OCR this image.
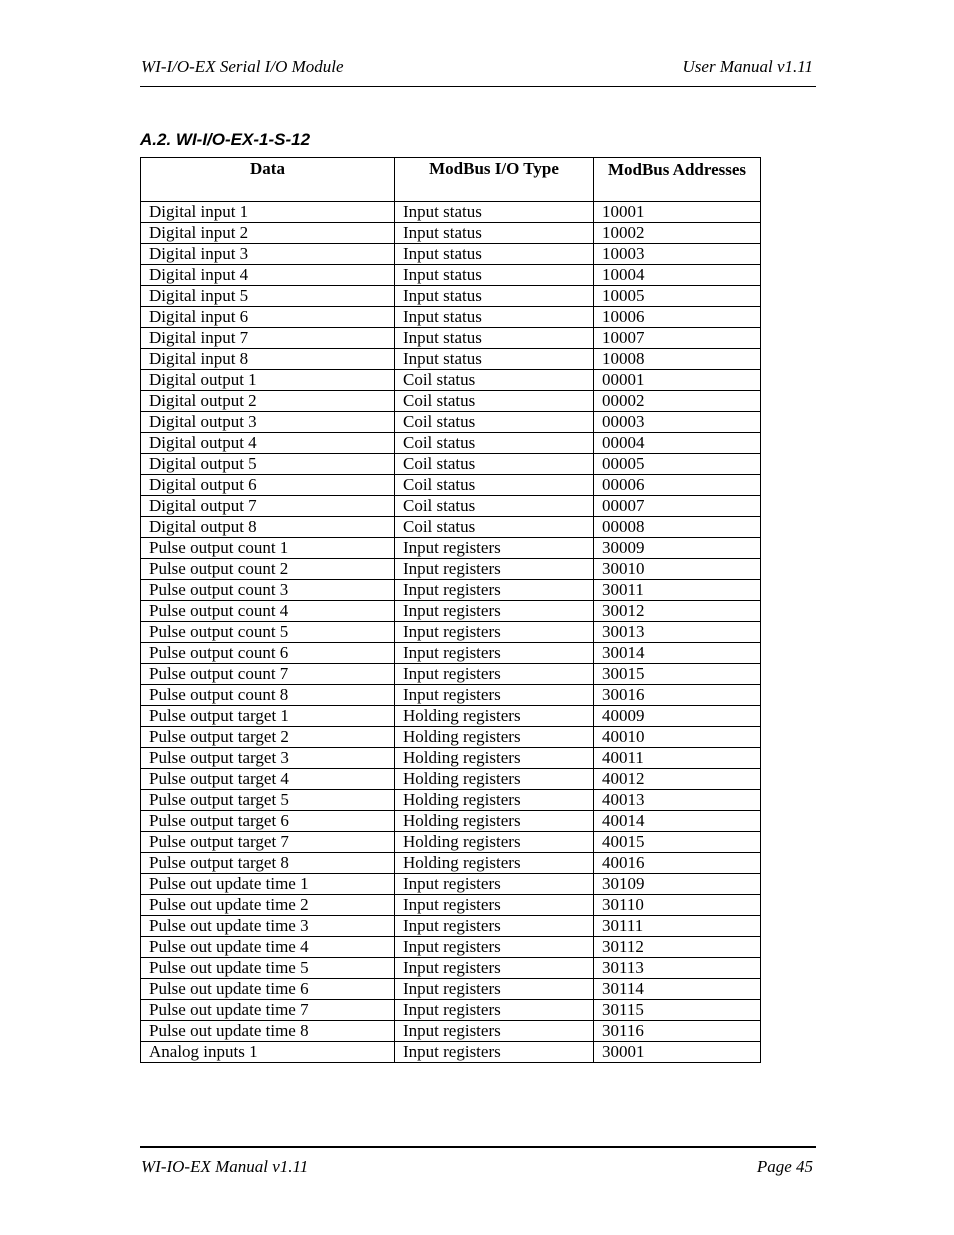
WI-I/O-EX Serial I/O Module	User Manual v1.11
A.2. WI-I/O-EX-1-S-12
Data	ModBus I/O Type	ModBus Addresses
Digital input 1	Input status	10001
Digital input 2	Input status	10002
Digital input 3	Input status	10003
Digital input 4	Input status	10004
Digital input 5	Input status	10005
Digital input 6	Input status	10006
Digital input 7	Input status	10007
Digital input 8	Input status	10008
Digital output 1	Coil status	00001
Digital output 2	Coil status	00002
Digital output 3	Coil status	00003
Digital output 4	Coil status	00004
Digital output 5	Coil status	00005
Digital output 6	Coil status	00006
Digital output 7	Coil status	00007
Digital output 8	Coil status	00008
Pulse output count 1	Input registers	30009
Pulse output count 2	Input registers	30010
Pulse output count 3	Input registers	30011
Pulse output count 4	Input registers	30012
Pulse output count 5	Input registers	30013
Pulse output count 6	Input registers	30014
Pulse output count 7	Input registers	30015
Pulse output count 8	Input registers	30016
Pulse output target 1	Holding registers	40009
Pulse output target 2	Holding registers	40010
Pulse output target 3	Holding registers	40011
Pulse output target 4	Holding registers	40012
Pulse output target 5	Holding registers	40013
Pulse output target 6	Holding registers	40014
Pulse output target 7	Holding registers	40015
Pulse output target 8	Holding registers	40016
Pulse out update time 1	Input registers	30109
Pulse out update time 2	Input registers	30110
Pulse out update time 3	Input registers	30111
Pulse out update time 4	Input registers	30112
Pulse out update time 5	Input registers	30113
Pulse out update time 6	Input registers	30114
Pulse out update time 7	Input registers	30115
Pulse out update time 8	Input registers	30116
Analog inputs 1	Input registers	30001
WI-IO-EX Manual v1.11	Page 45
